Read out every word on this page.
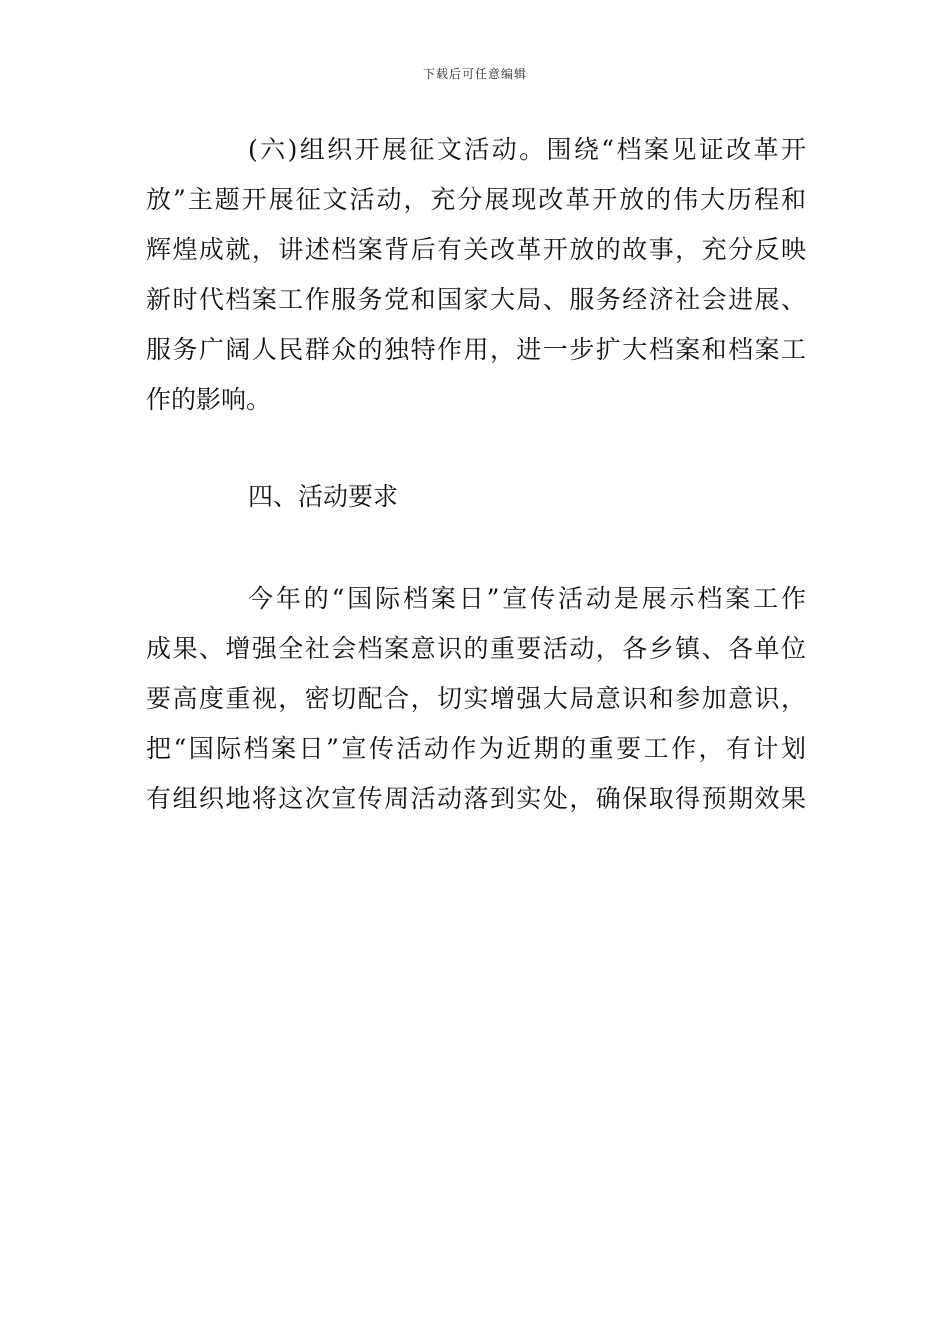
下载后可任意编辑
(六)组织开展征文活动。围绕“档案见证改革开
放”主题开展征文活动，充分展现改革开放的伟大历程和
辉煌成就，讲述档案背后有关改革开放的故事，充分反映
新时代档案工作服务党和国家大局、服务经济社会进展、
服务广阔人民群众的独特作用，进一步扩大档案和档案工
作的影响。
四、活动要求
今年的“国际档案日”宣传活动是展示档案工作
成果、增强全社会档案意识的重要活动，各乡镇、各单位
要高度重视，密切配合，切实增强大局意识和参加意识，
把“国际档案日”宣传活动作为近期的重要工作，有计划
有组织地将这次宣传周活动落到实处，确保取得预期效果
